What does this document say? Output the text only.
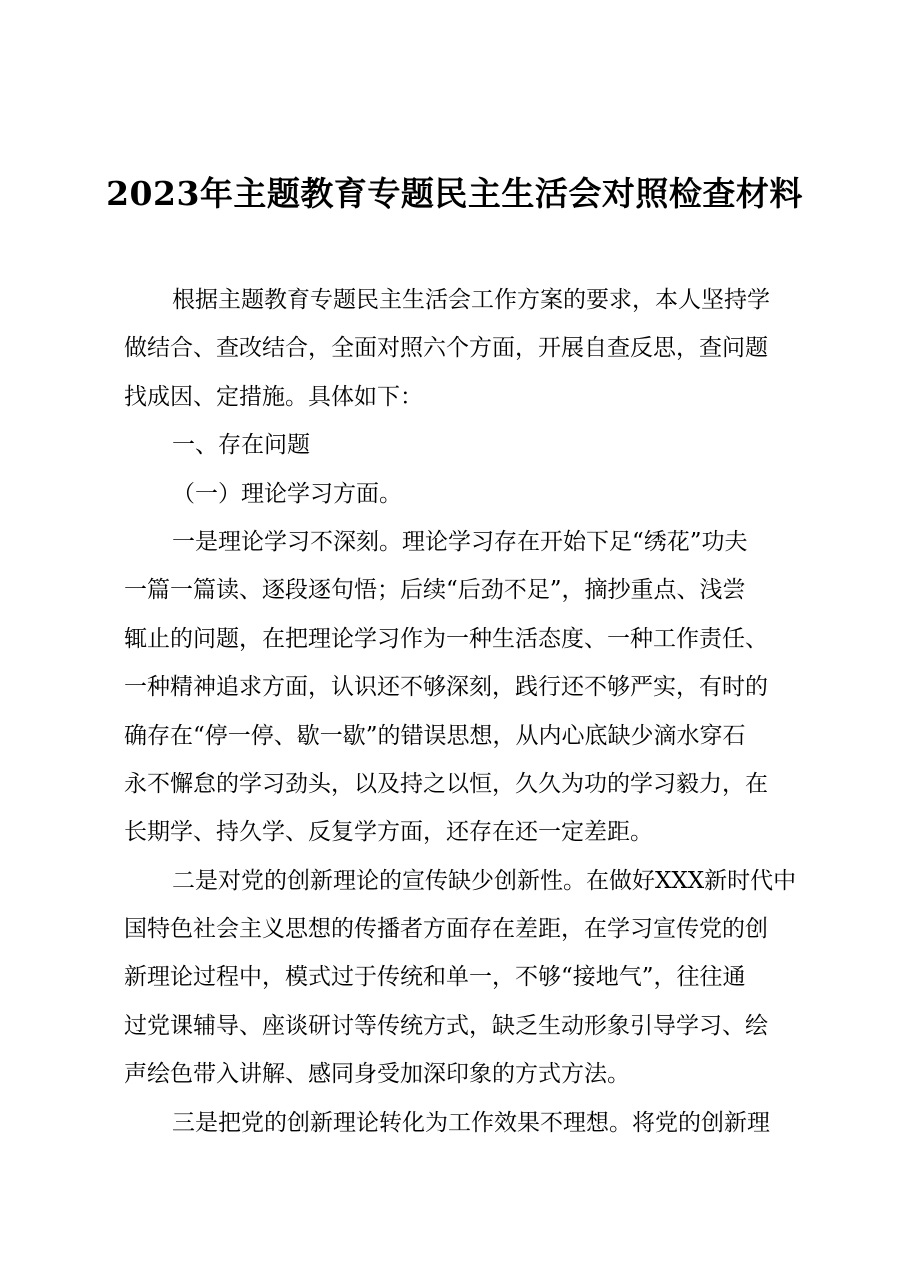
2023年主题教育专题民主生活会对照检查材料
根据主题教育专题民主生活会工作方案的要求，本人坚持学
做结合、查改结合，全面对照六个方面，开展自查反思，查问题
找成因、定措施。具体如下：
一、存在问题
（一）理论学习方面。
一是理论学习不深刻。理论学习存在开始下足“绣花”功夫
一篇一篇读、逐段逐句悟；后续“后劲不足”，摘抄重点、浅尝
辄止的问题，在把理论学习作为一种生活态度、一种工作责任、
一种精神追求方面，认识还不够深刻，践行还不够严实，有时的
确存在“停一停、歇一歇”的错误思想，从内心底缺少滴水穿石
永不懈怠的学习劲头，以及持之以恒，久久为功的学习毅力，在
长期学、持久学、反复学方面，还存在还一定差距。
二是对党的创新理论的宣传缺少创新性。在做好XXX新时代中
国特色社会主义思想的传播者方面存在差距，在学习宣传党的创
新理论过程中，模式过于传统和单一，不够“接地气”，往往通
过党课辅导、座谈研讨等传统方式，缺乏生动形象引导学习、绘
声绘色带入讲解、感同身受加深印象的方式方法。
三是把党的创新理论转化为工作效果不理想。将党的创新理
